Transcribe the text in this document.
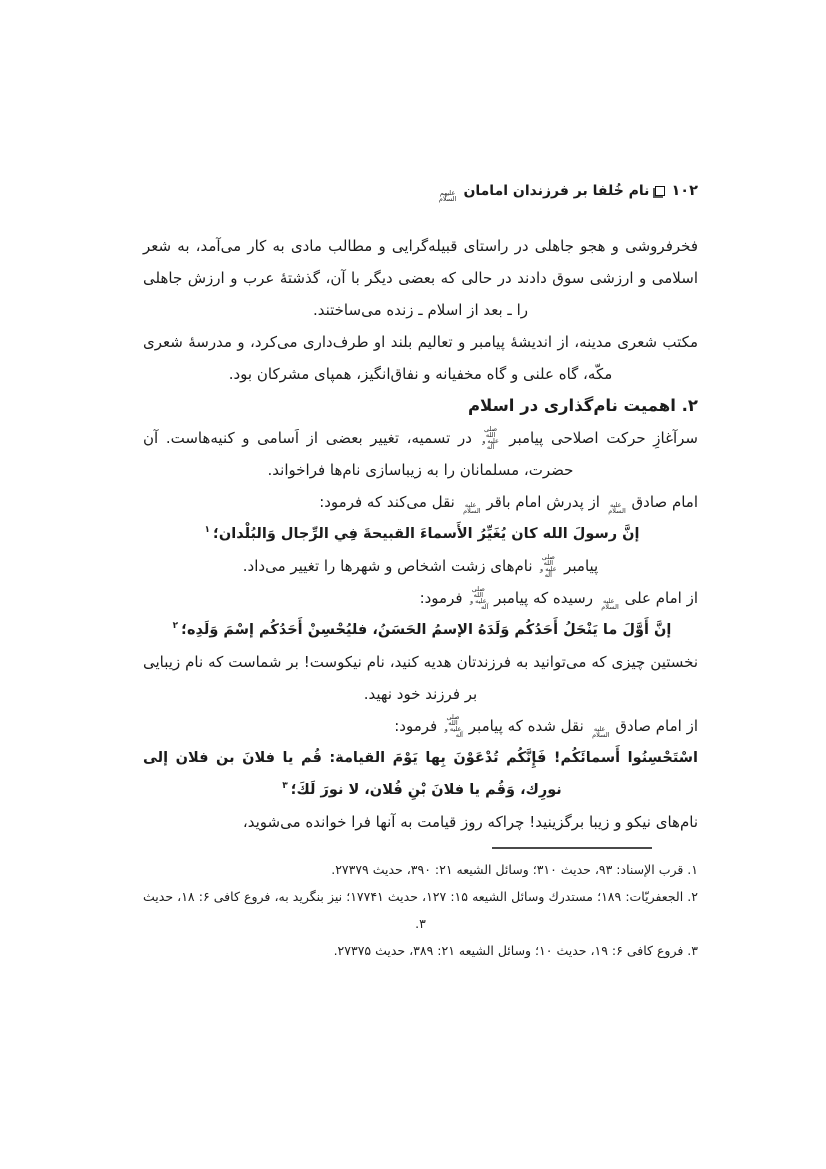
۱۰۲نام خُلفا بر فرزندان امامان علیهم السلام

فخرفروشی و هجو جاهلی در راستای قبیله‌گرایی و مطالب مادی به کار می‌آمد، به شعر اسلامی و ارزشی سوق دادند در حالی که بعضی دیگر با آن، گذشتهٔ عرب و ارزش جاهلی را ـ بعد از اسلام ـ زنده می‌ساختند.

مکتب شعری مدینه، از اندیشهٔ پیامبر و تعالیم بلند او طرف‌داری می‌کرد، و مدرسهٔ شعری مکّه، گاه علنی و گاه مخفیانه و نفاق‌انگیز، همپای مشرکان بود.

۲. اهمیت نام‌گذاری در اسلام

سرآغازِ حرکت اصلاحی پیامبر صلی الله علیه و آله در تسمیه، تغییر بعضی از اَسامی و کنیه‌هاست. آن حضرت، مسلمانان را به زیباسازی نام‌ها فراخواند.

امام صادق علیه السلام از پدرش امام باقر علیه السلام نقل می‌کند که فرمود:

إنَّ رسولَ الله کان یُغَیِّرُ الأَسماءَ القبیحةَ فِي الرِّجال وَالبُلْدان؛$^۱$

پیامبر صلی الله علیه و آله نام‌های زشت اشخاص و شهرها را تغییر می‌داد.

از امام علی علیه السلام رسیده که پیامبر صلی الله علیه و آله فرمود:

إنَّ أَوَّلَ ما یَنْحَلُ أَحَدُکُم وَلَدَهُ الإسمُ الحَسَنُ، فلیُحْسِنْ أَحَدُکُم إسْمَ وَلَدِه؛$^۲$

نخستین چیزی که می‌توانید به فرزندتان هدیه کنید، نام نیکوست! بر شماست که نام زیبایی بر فرزند خود نهید.

از امام صادق علیه السلام نقل شده که پیامبر صلی الله علیه و آله فرمود:

اسْتَحْسِنُوا أَسمائَکُم! فَإِنَّکُم تُدْعَوْنَ بِها یَوْمَ القیامة: قُم یا فلانَ بن فلان إلی نورِك، وَقُم یا فلانَ بْنِ فُلان، لا نورَ لَكَ؛$^۳$

نام‌های نیکو و زیبا برگزینید! چراکه روز قیامت به آنها فرا خوانده می‌شوید،

۱. قرب الإسناد: ۹۳، حدیث ۳۱۰؛ وسائل الشیعه ۲۱: ۳۹۰، حدیث ۲۷۳۷۹.

۲. الجعفریّات: ۱۸۹؛ مستدرك وسائل الشیعه ۱۵: ۱۲۷، حدیث ۱۷۷۴۱؛ نیز بنگرید به، فروع کافی ۶: ۱۸، حدیث ۳.

۳. فروع کافی ۶: ۱۹، حدیث ۱۰؛ وسائل الشیعه ۲۱: ۳۸۹، حدیث ۲۷۳۷۵.
